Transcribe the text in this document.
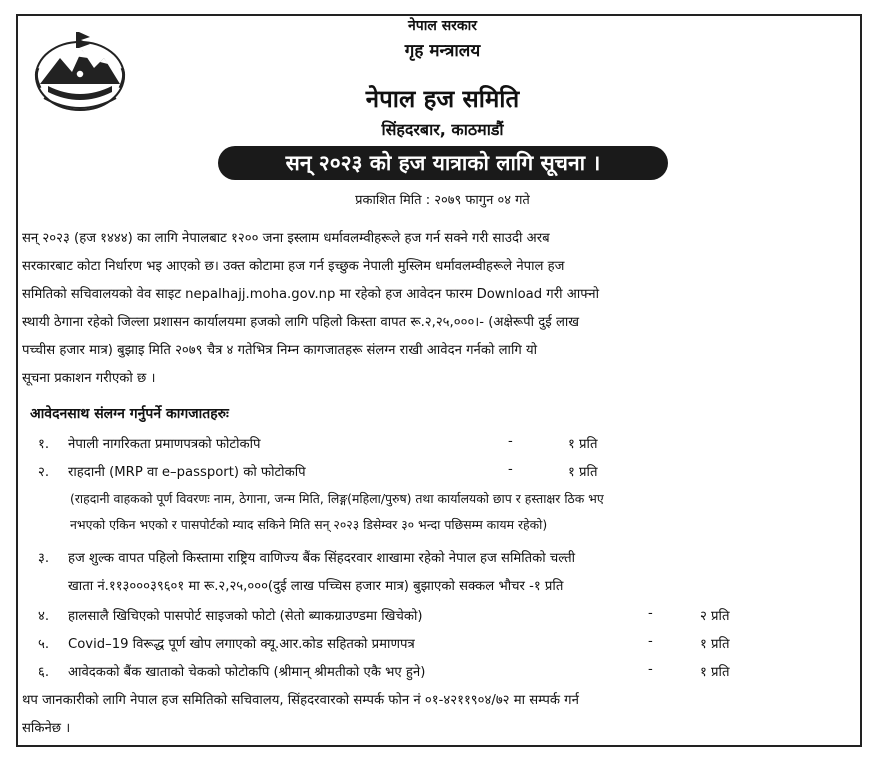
नेपाल सरकार
गृह मन्त्रालय
नेपाल हज समिति
सिंहदरबार, काठमाडौं
सन् २०२३ को हज यात्राको लागि सूचना ।
प्रकाशित मिति : २०७९ फागुन ०४ गते
सन् २०२३ (हज १४४४) का लागि नेपालबाट १२०० जना इस्लाम धर्मावलम्वीहरूले हज गर्न सक्ने गरी साउदी अरब
सरकारबाट कोटा निर्धारण भइ आएको छ। उक्त कोटामा हज गर्न इच्छुक नेपाली मुस्लिम धर्मावलम्वीहरूले नेपाल हज
समितिको सचिवालयको वेव साइट nepalhajj.moha.gov.np मा रहेको हज आवेदन फारम Download गरी आफ्नो
स्थायी ठेगाना रहेको जिल्ला प्रशासन कार्यालयमा हजको लागि पहिलो किस्ता वापत रू.२,२५,०००।- (अक्षेरूपी दुई लाख
पच्चीस हजार मात्र) बुझाइ मिति २०७९ चैत्र ४ गतेभित्र निम्न कागजातहरू संलग्न राखी आवेदन गर्नको लागि यो
सूचना प्रकाशन गरीएको छ ।
आवेदनसाथ संलग्न गर्नुपर्ने कागजातहरुः
१. नेपाली नागरिकता प्रमाणपत्रको फोटोकपि	-	१ प्रति
२. राहदानी (MRP वा e–passport) को फोटोकपि	-	१ प्रति
(राहदानी वाहकको पूर्ण विवरणः नाम, ठेगाना, जन्म मिति, लिङ्ग(महिला/पुरुष) तथा कार्यालयको छाप र हस्ताक्षर ठिक भए
नभएको एकिन भएको र पासपोर्टको म्याद सकिने मिति सन् २०२३ डिसेम्वर ३० भन्दा पछिसम्म कायम रहेको)
३. हज शुल्क वापत पहिलो किस्तामा राष्ट्रिय वाणिज्य बैंक सिंहदरवार शाखामा रहेको नेपाल हज समितिको चल्ती
खाता नं.११३०००३९६०१ मा रू.२,२५,०००(दुई लाख पच्चिस हजार मात्र) बुझाएको सक्कल भौचर -१ प्रति
४. हालसालै खिचिएको पासपोर्ट साइजको फोटो (सेतो ब्याकग्राउण्डमा खिचेको)	-	२ प्रति
५. Covid–19 विरूद्ध पूर्ण खोप लगाएको क्यू.आर.कोड सहितको प्रमाणपत्र	-	१ प्रति
६. आवेदकको बैंक खाताको चेकको फोटोकपि (श्रीमान् श्रीमतीको एकै भए हुने)	-	१ प्रति
थप जानकारीको लागि नेपाल हज समितिको सचिवालय, सिंहदरवारको सम्पर्क फोन नं ०१-४२११९०४/७२ मा सम्पर्क गर्न
सकिनेछ ।
